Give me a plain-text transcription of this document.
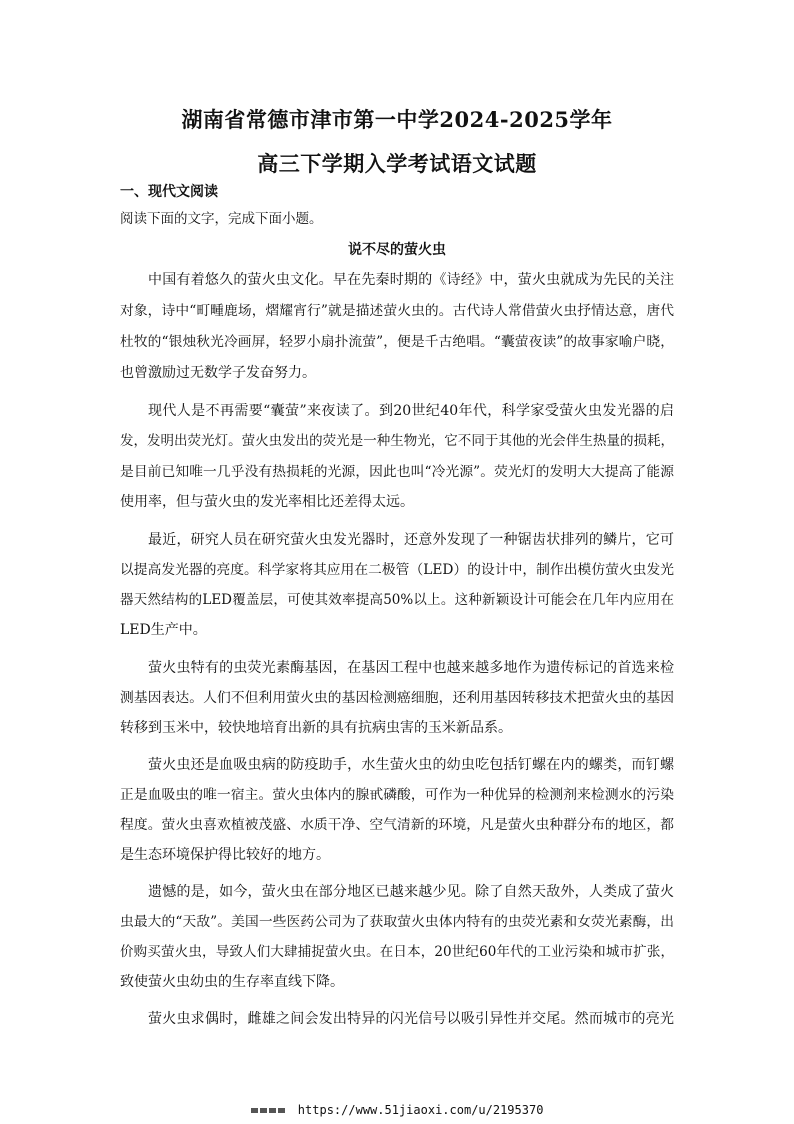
湖南省常德市津市第一中学2024-2025学年
高三下学期入学考试语文试题
一、现代文阅读
阅读下面的文字，完成下面小题。
说不尽的萤火虫
中国有着悠久的萤火虫文化。早在先秦时期的《诗经》中，萤火虫就成为先民的关注
对象，诗中“町畽鹿场，熠耀宵行”就是描述萤火虫的。古代诗人常借萤火虫抒情达意，唐代
杜牧的“银烛秋光冷画屏，轻罗小扇扑流萤”，便是千古绝唱。“囊萤夜读”的故事家喻户晓，
也曾激励过无数学子发奋努力。
现代人是不再需要“囊萤”来夜读了。到20世纪40年代，科学家受萤火虫发光器的启
发，发明出荧光灯。萤火虫发出的荧光是一种生物光，它不同于其他的光会伴生热量的损耗，
是目前已知唯一几乎没有热损耗的光源，因此也叫“冷光源”。荧光灯的发明大大提高了能源
使用率，但与萤火虫的发光率相比还差得太远。
最近，研究人员在研究萤火虫发光器时，还意外发现了一种锯齿状排列的鳞片，它可
以提高发光器的亮度。科学家将其应用在二极管（LED）的设计中，制作出模仿萤火虫发光
器天然结构的LED覆盖层，可使其效率提高50%以上。这种新颖设计可能会在几年内应用在
LED生产中。
萤火虫特有的虫荧光素酶基因，在基因工程中也越来越多地作为遗传标记的首选来检
测基因表达。人们不但利用萤火虫的基因检测癌细胞，还利用基因转移技术把萤火虫的基因
转移到玉米中，较快地培育出新的具有抗病虫害的玉米新品系。
萤火虫还是血吸虫病的防疫助手，水生萤火虫的幼虫吃包括钉螺在内的螺类，而钉螺
正是血吸虫的唯一宿主。萤火虫体内的腺甙磷酸，可作为一种优异的检测剂来检测水的污染
程度。萤火虫喜欢植被茂盛、水质干净、空气清新的环境，凡是萤火虫种群分布的地区，都
是生态环境保护得比较好的地方。
遗憾的是，如今，萤火虫在部分地区已越来越少见。除了自然天敌外，人类成了萤火
虫最大的“天敌”。美国一些医药公司为了获取萤火虫体内特有的虫荧光素和女荧光素酶，出
价购买萤火虫，导致人们大肆捕捉萤火虫。在日本，20世纪60年代的工业污染和城市扩张，
致使萤火虫幼虫的生存率直线下降。
萤火虫求偶时，雌雄之间会发出特异的闪光信号以吸引异性并交尾。然而城市的亮光
https://www.51jiaoxi.com/u/2195370
